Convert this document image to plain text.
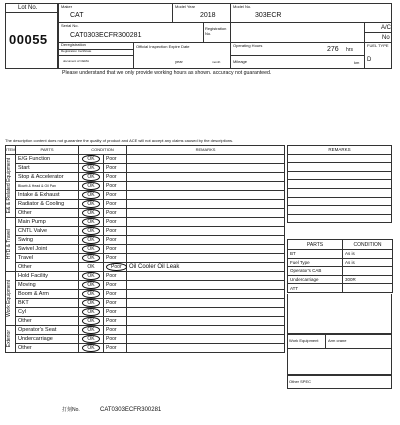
Lot No.
00055
Maker
CAT
Model Year
2018
Model No.
303ECR
Serial No.
CAT0303ECFR300281
Registration No.
A/C
No
Deregistration
Registration Certificate
document of CEMA
Official Inspection Expire Date
year	month
Operating Hours
276 hrs
Mileage	km
FUEL TYPE
D
Please understand that we only provide working hours as shown. accuracy not guaranteed.
The description content does not guarantee the quality of product and ACE will not accept any claims caused by the descriptions.
ITEM	PARTS	CONDITION		REMARKS

E& & Related Equipment	E/G Function	OK	Poor	
	Start	OK	Poor	
	Stop & Accelerator	OK	Poor	
	Blowb & Head & Oil Pan	OK	Poor	
	Intake & Exhaust	OK	Poor	
	Radiator & Cooling	OK	Poor	
	Other	OK	Poor	

HYD & Travel	Main Pump	OK	Poor	
	CNTL Valve	OK	Poor	
	Swing	OK	Poor	
	Swivel Joint	OK	Poor	
	Travel	OK	Poor	
	Other	OK	Poor	Oil Cooler Oil Leak

Work Equipment	Hold Facility	OK	Poor	
	Moving	OK	Poor	
	Boom & Arm	OK	Poor	
	BKT	OK	Poor	
	Cyl	OK	Poor	
	Other	OK	Poor	

Exterior	Operator's Seat	OK	Poor	
	Undercarriage	OK	Poor	
	Other	OK	Poor	
REMARKS

PARTS	CONDITION
BT	As is
Fuel Type	As is
Operator's CAB	
Undercarriage	300R
ATT	
Work Equipment Arm crane
Other SPEC
打刻No.	CAT0303ECFR300281
